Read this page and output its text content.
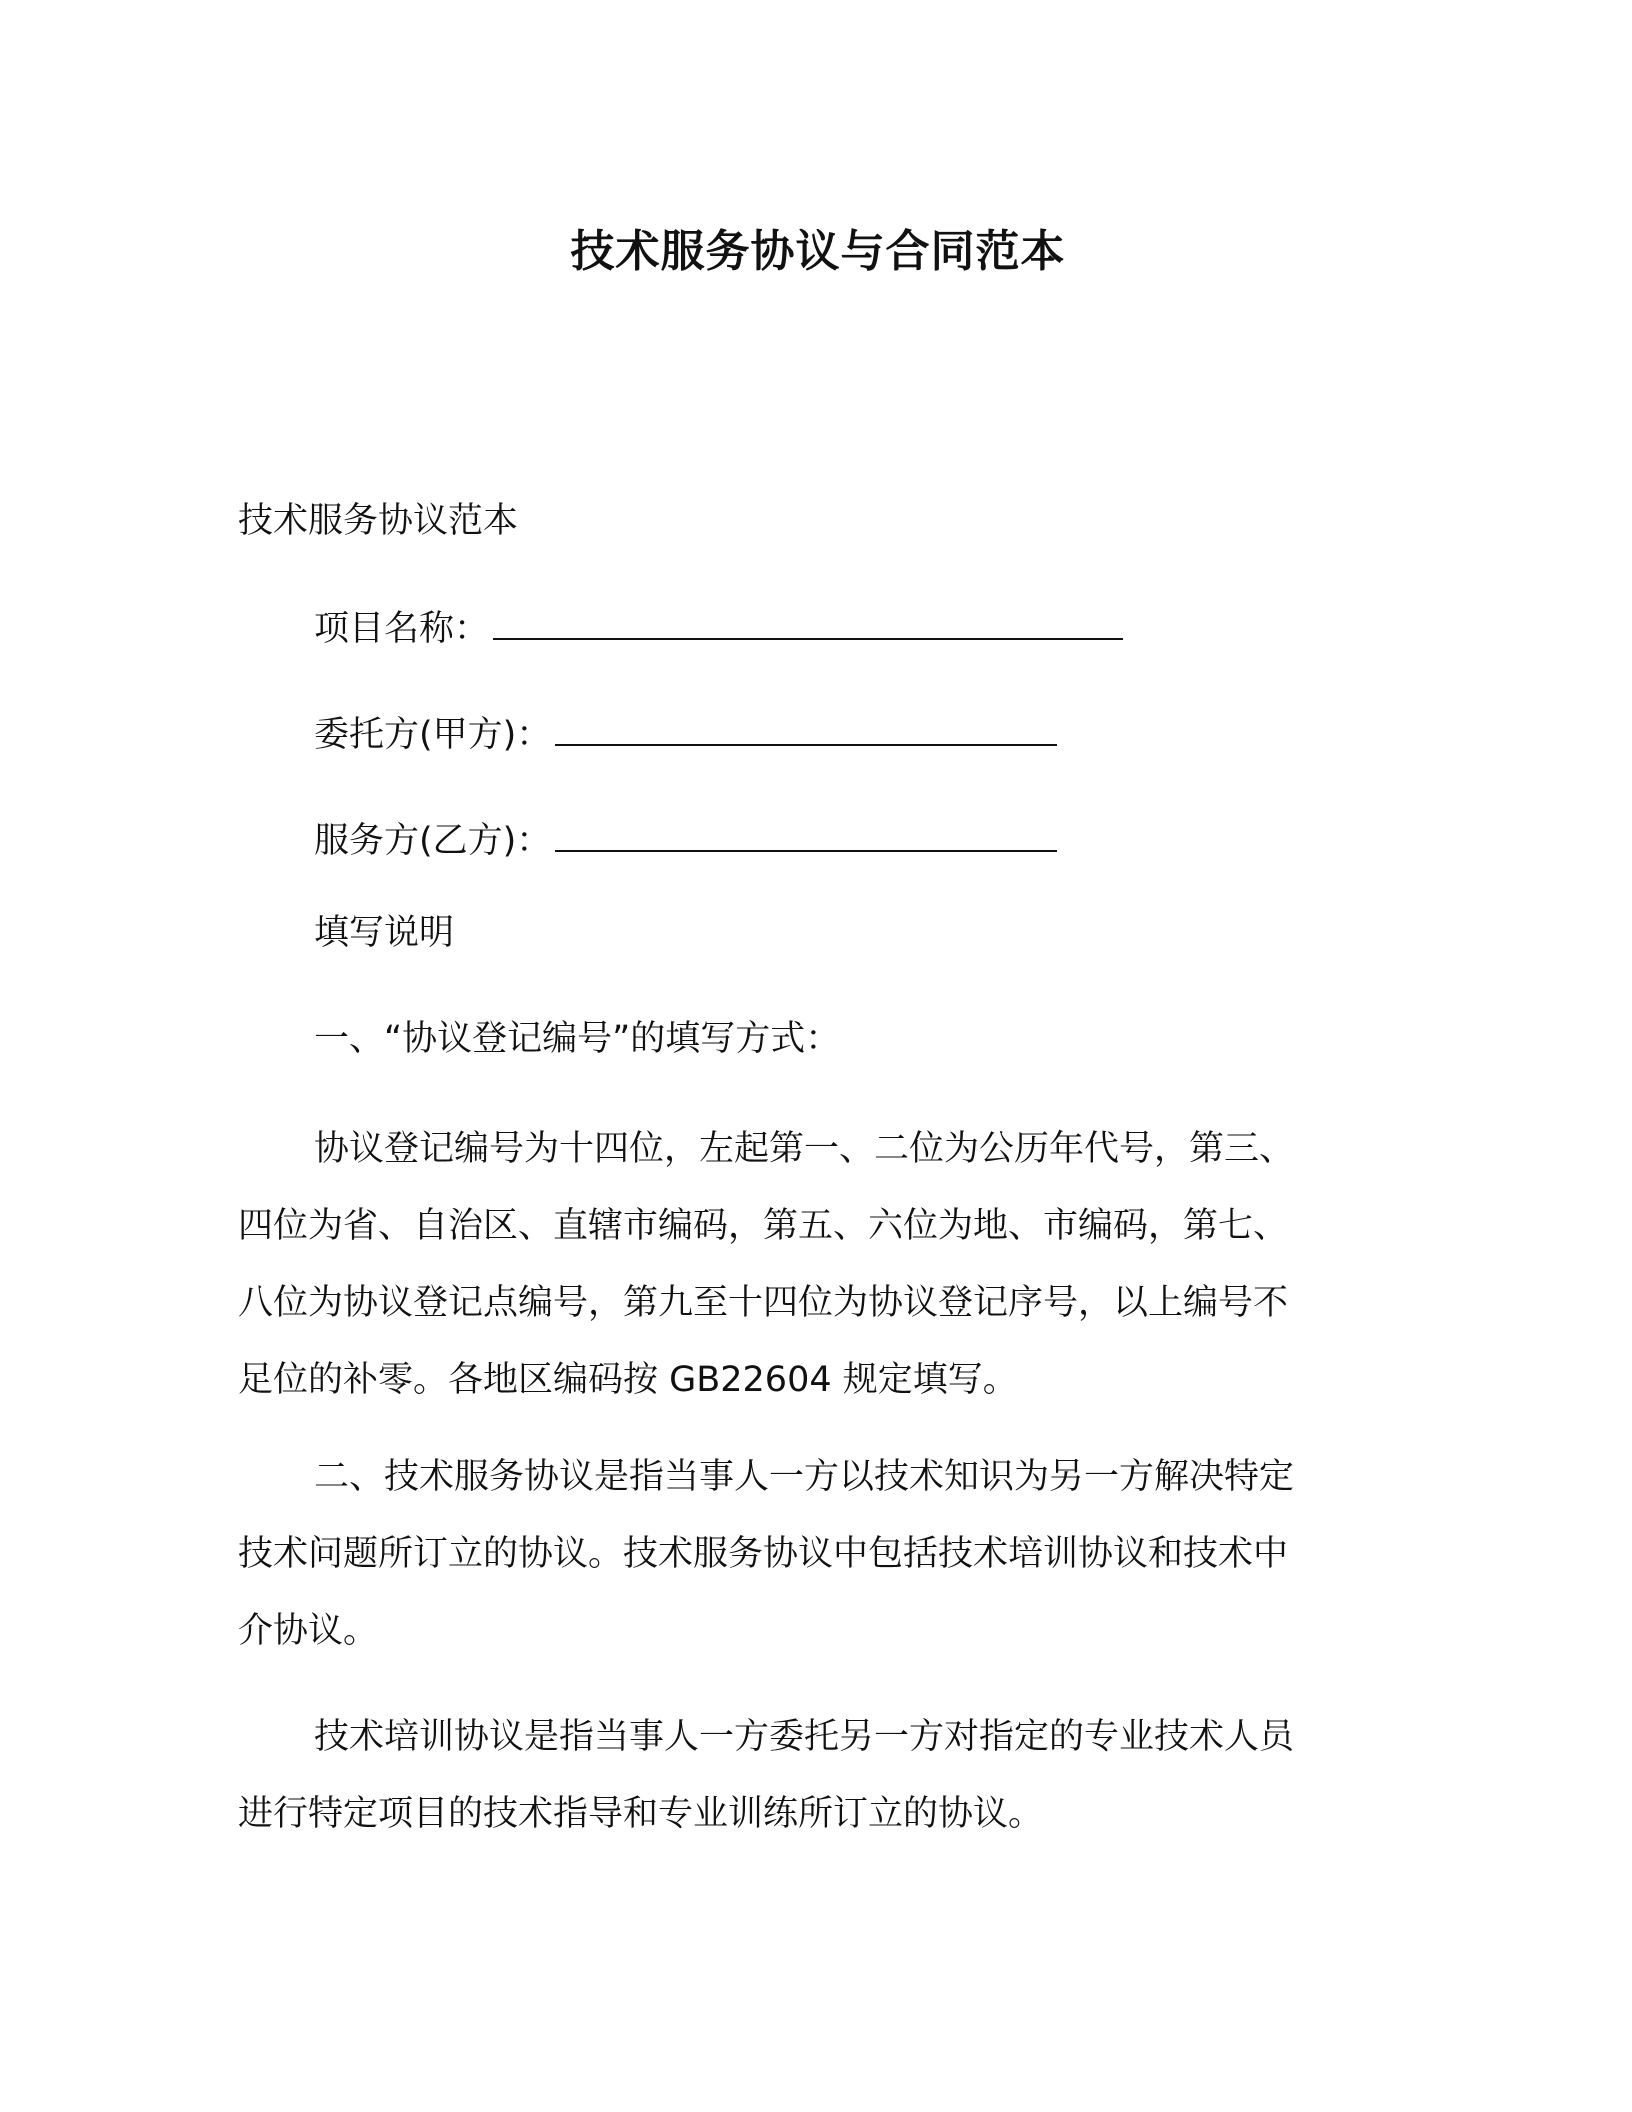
技术服务协议与合同范本
技术服务协议范本
项目名称：
委托方(甲方)：
服务方(乙方)：
填写说明
一、“协议登记编号”的填写方式：
协议登记编号为十四位，左起第一、二位为公历年代号，第三、
四位为省、自治区、直辖市编码，第五、六位为地、市编码，第七、
八位为协议登记点编号，第九至十四位为协议登记序号，以上编号不
足位的补零。各地区编码按 GB22604 规定填写。
二、技术服务协议是指当事人一方以技术知识为另一方解决特定
技术问题所订立的协议。技术服务协议中包括技术培训协议和技术中
介协议。
技术培训协议是指当事人一方委托另一方对指定的专业技术人员
进行特定项目的技术指导和专业训练所订立的协议。
